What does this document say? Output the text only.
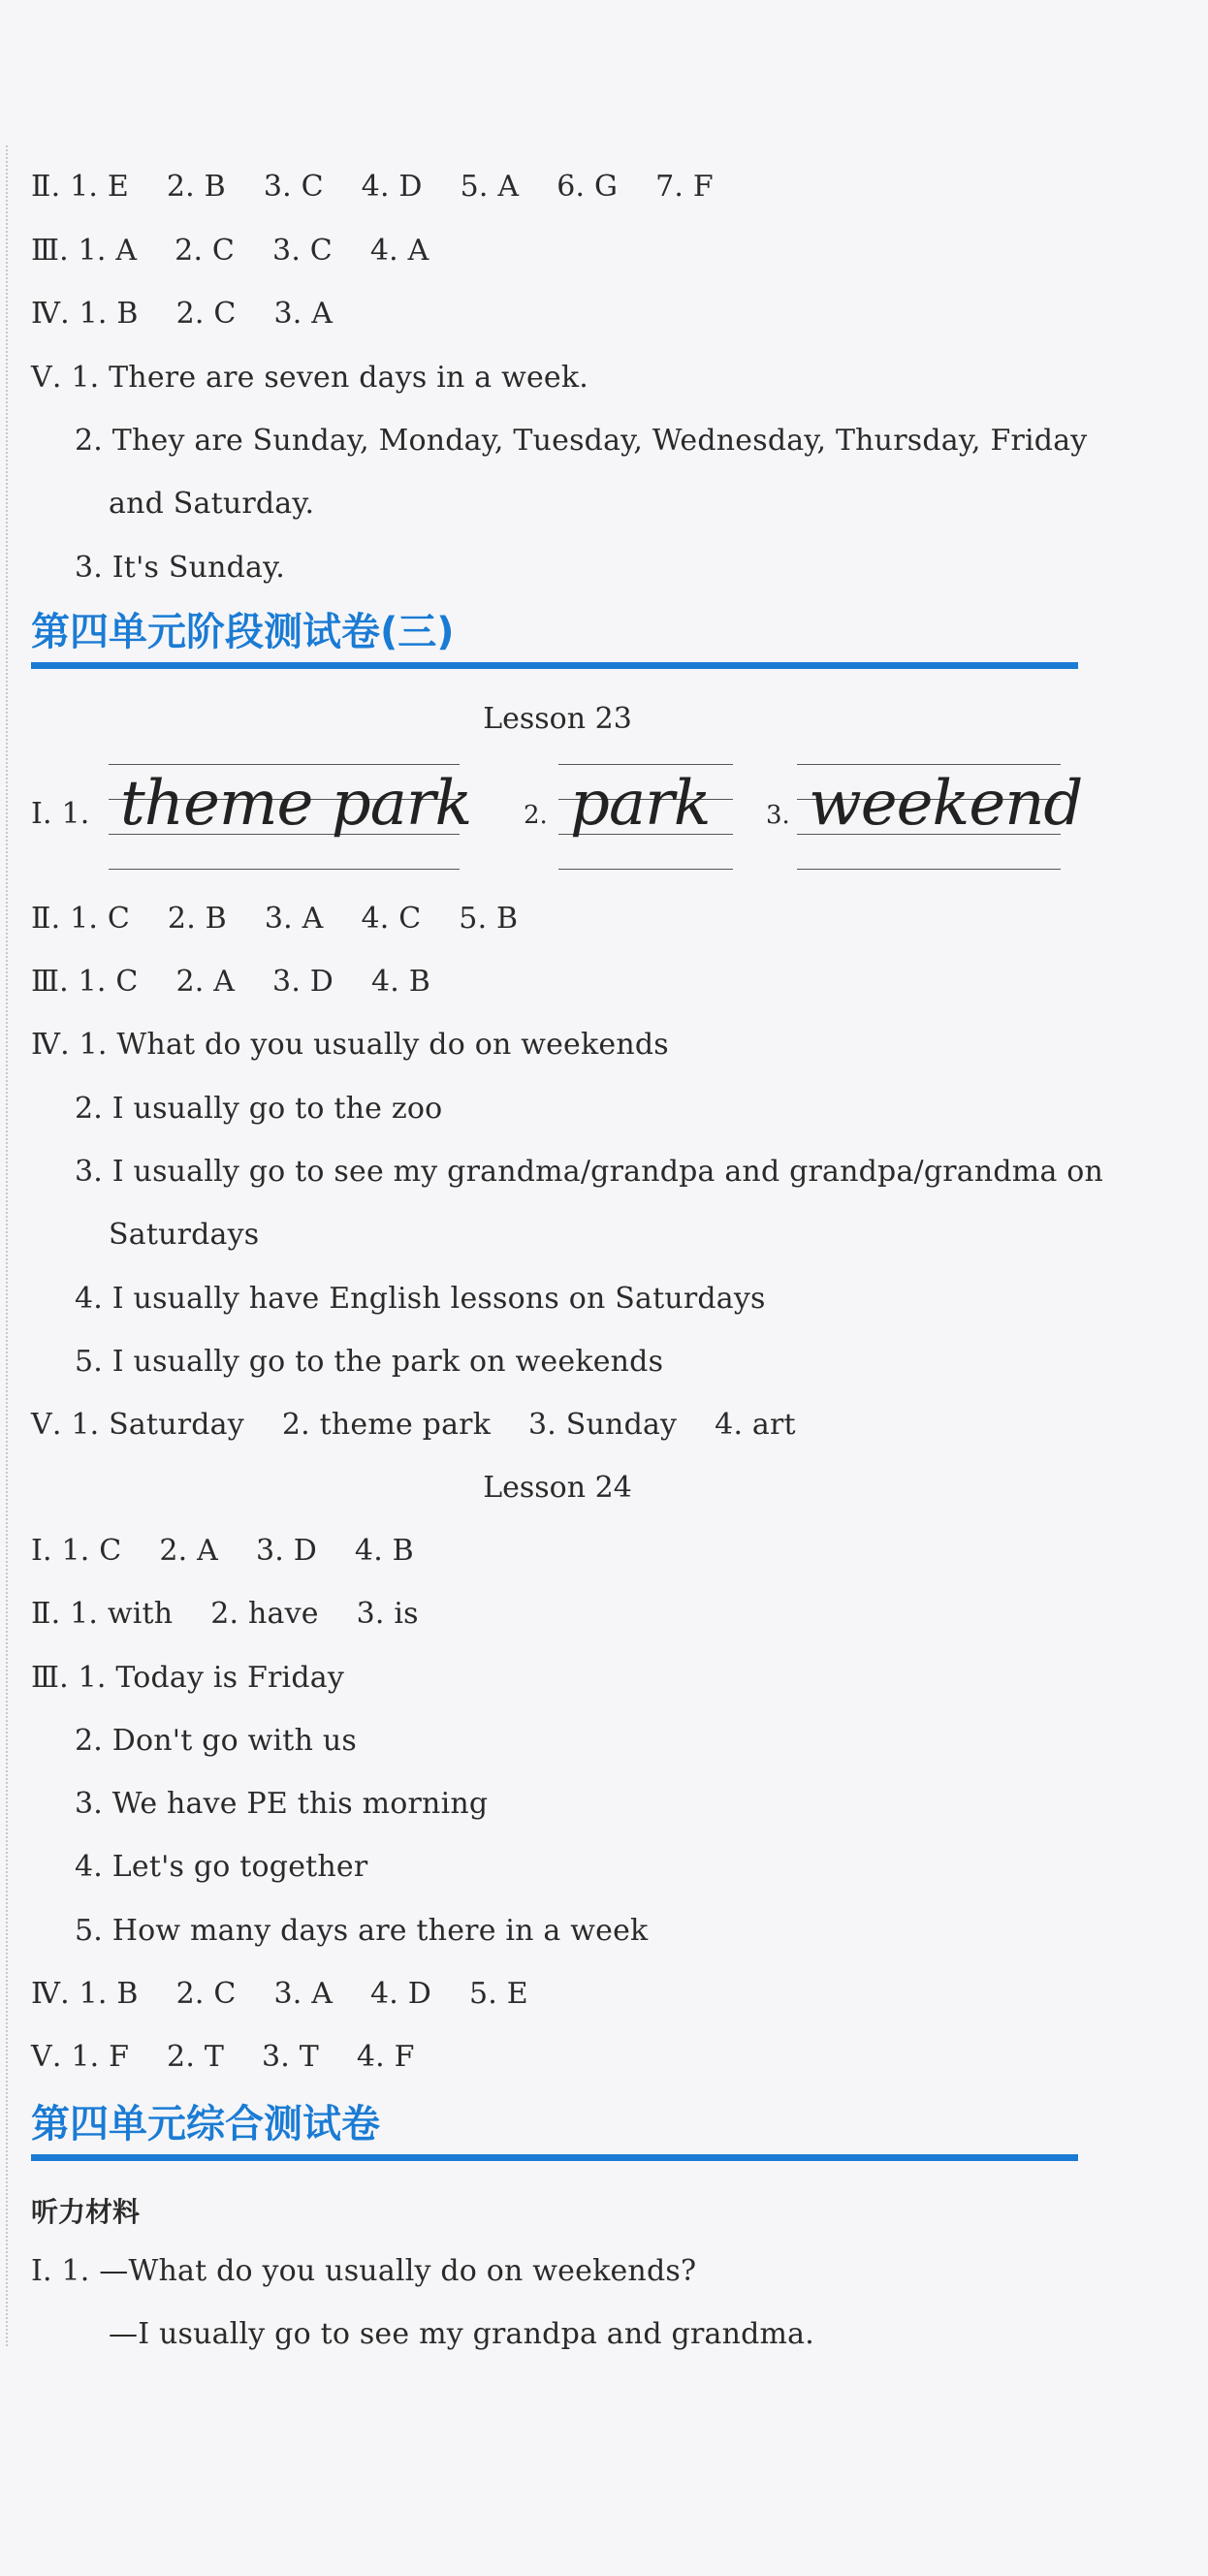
Ⅱ. 1. E    2. B    3. C    4. D    5. A    6. G    7. F
Ⅲ. 1. A    2. C    3. C    4. A
Ⅳ. 1. B    2. C    3. A
Ⅴ. 1. There are seven days in a week.
2. They are Sunday, Monday, Tuesday, Wednesday, Thursday, Friday
and Saturday.
3. It's Sunday.
第四单元阶段测试卷(三)
Lesson 23
Ⅰ. 1. theme park 2. park 3. weekend
Ⅱ. 1. C    2. B    3. A    4. C    5. B
Ⅲ. 1. C    2. A    3. D    4. B
Ⅳ. 1. What do you usually do on weekends
2. I usually go to the zoo
3. I usually go to see my grandma/grandpa and grandpa/grandma on
Saturdays
4. I usually have English lessons on Saturdays
5. I usually go to the park on weekends
Ⅴ. 1. Saturday    2. theme park    3. Sunday    4. art
Lesson 24
Ⅰ. 1. C    2. A    3. D    4. B
Ⅱ. 1. with    2. have    3. is
Ⅲ. 1. Today is Friday
2. Don't go with us
3. We have PE this morning
4. Let's go together
5. How many days are there in a week
Ⅳ. 1. B    2. C    3. A    4. D    5. E
Ⅴ. 1. F    2. T    3. T    4. F
第四单元综合测试卷
听力材料
Ⅰ. 1. —What do you usually do on weekends?
—I usually go to see my grandpa and grandma.
